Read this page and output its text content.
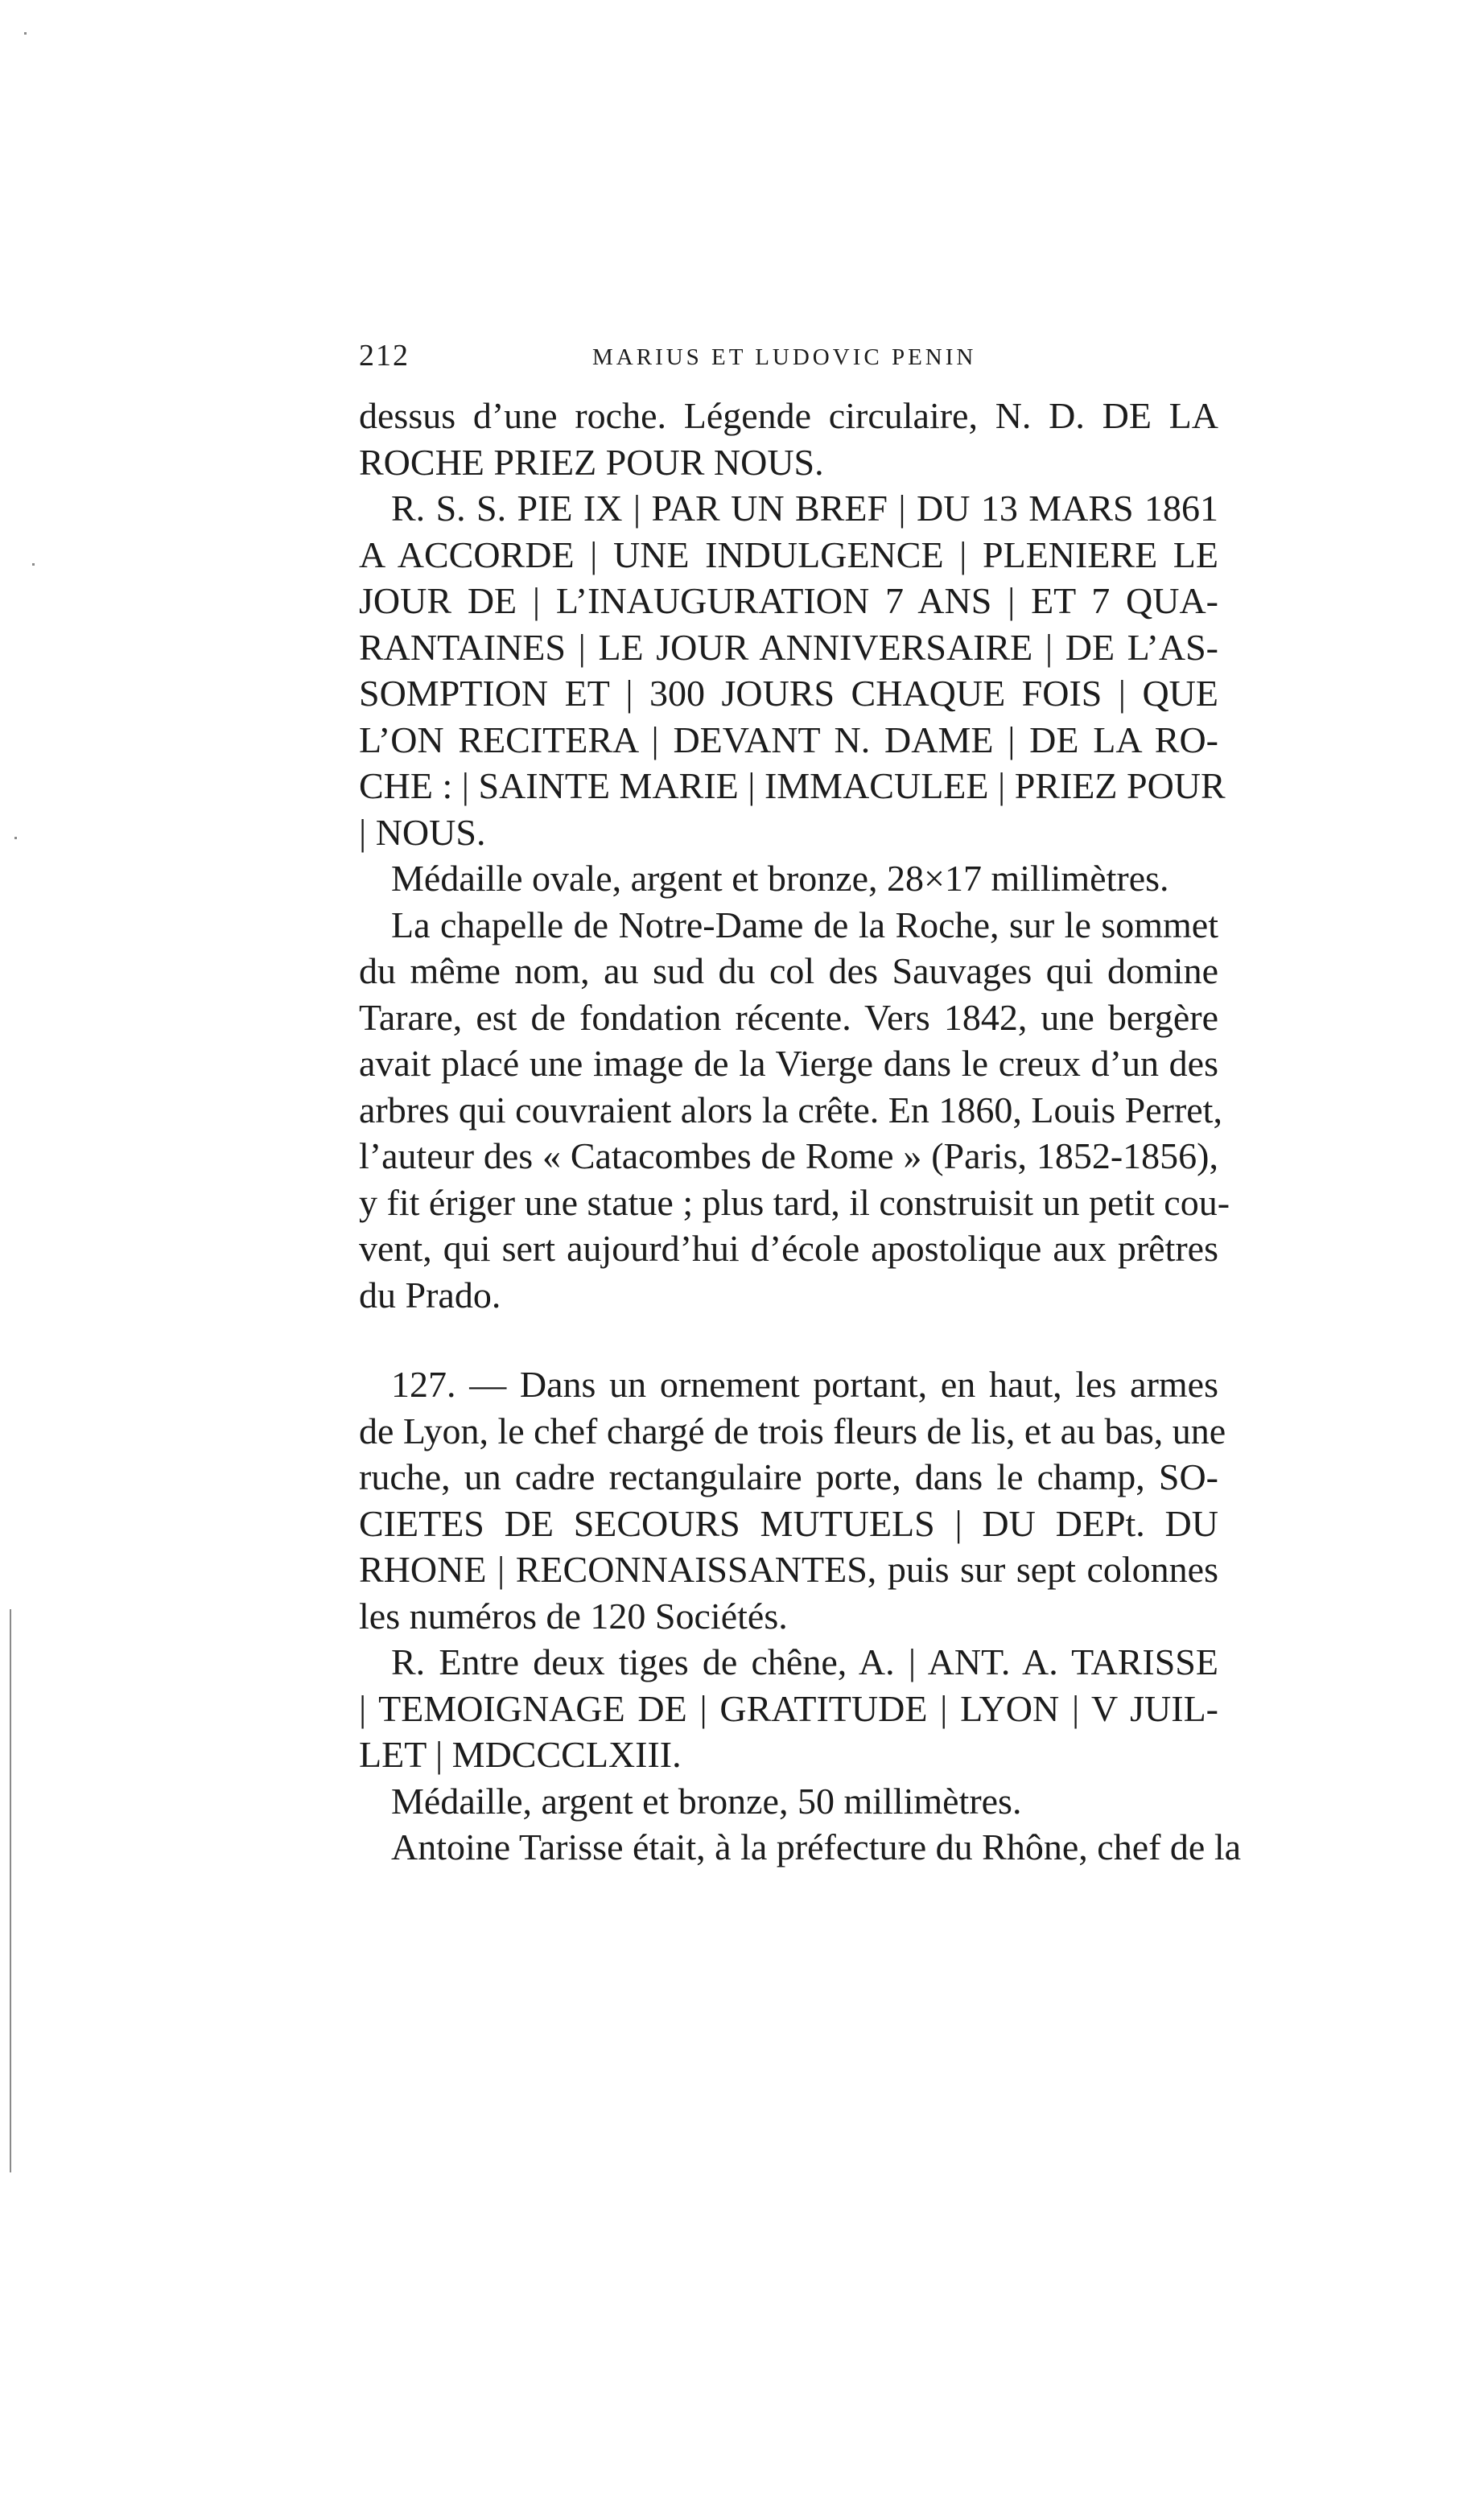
212	MARIUS ET LUDOVIC PENIN
dessus d’une roche. Légende circulaire, N. D. DE LA
ROCHE PRIEZ POUR NOUS.
R. S. S. PIE IX | PAR UN BREF | DU 13 MARS 1861
A ACCORDE | UNE INDULGENCE | PLENIERE LE
JOUR DE | L’INAUGURATION 7 ANS | ET 7 QUA-
RANTAINES | LE JOUR ANNIVERSAIRE | DE L’AS-
SOMPTION ET | 300 JOURS CHAQUE FOIS | QUE
L’ON RECITERA | DEVANT N. DAME | DE LA RO-
CHE : | SAINTE MARIE | IMMACULEE | PRIEZ POUR
| NOUS.
Médaille ovale, argent et bronze, 28×17 millimètres.
La chapelle de Notre-Dame de la Roche, sur le sommet
du même nom, au sud du col des Sauvages qui domine
Tarare, est de fondation récente. Vers 1842, une bergère
avait placé une image de la Vierge dans le creux d’un des
arbres qui couvraient alors la crête. En 1860, Louis Perret,
l’auteur des « Catacombes de Rome » (Paris, 1852-1856),
y fit ériger une statue ; plus tard, il construisit un petit cou-
vent, qui sert aujourd’hui d’école apostolique aux prêtres
du Prado.
127. — Dans un ornement portant, en haut, les armes
de Lyon, le chef chargé de trois fleurs de lis, et au bas, une
ruche, un cadre rectangulaire porte, dans le champ, SO-
CIETES DE SECOURS MUTUELS | DU DEPt. DU
RHONE | RECONNAISSANTES, puis sur sept colonnes
les numéros de 120 Sociétés.
R. Entre deux tiges de chêne, A. | ANT. A. TARISSE
| TEMOIGNAGE DE | GRATITUDE | LYON | V JUIL-
LET | MDCCCLXIII.
Médaille, argent et bronze, 50 millimètres.
Antoine Tarisse était, à la préfecture du Rhône, chef de la
